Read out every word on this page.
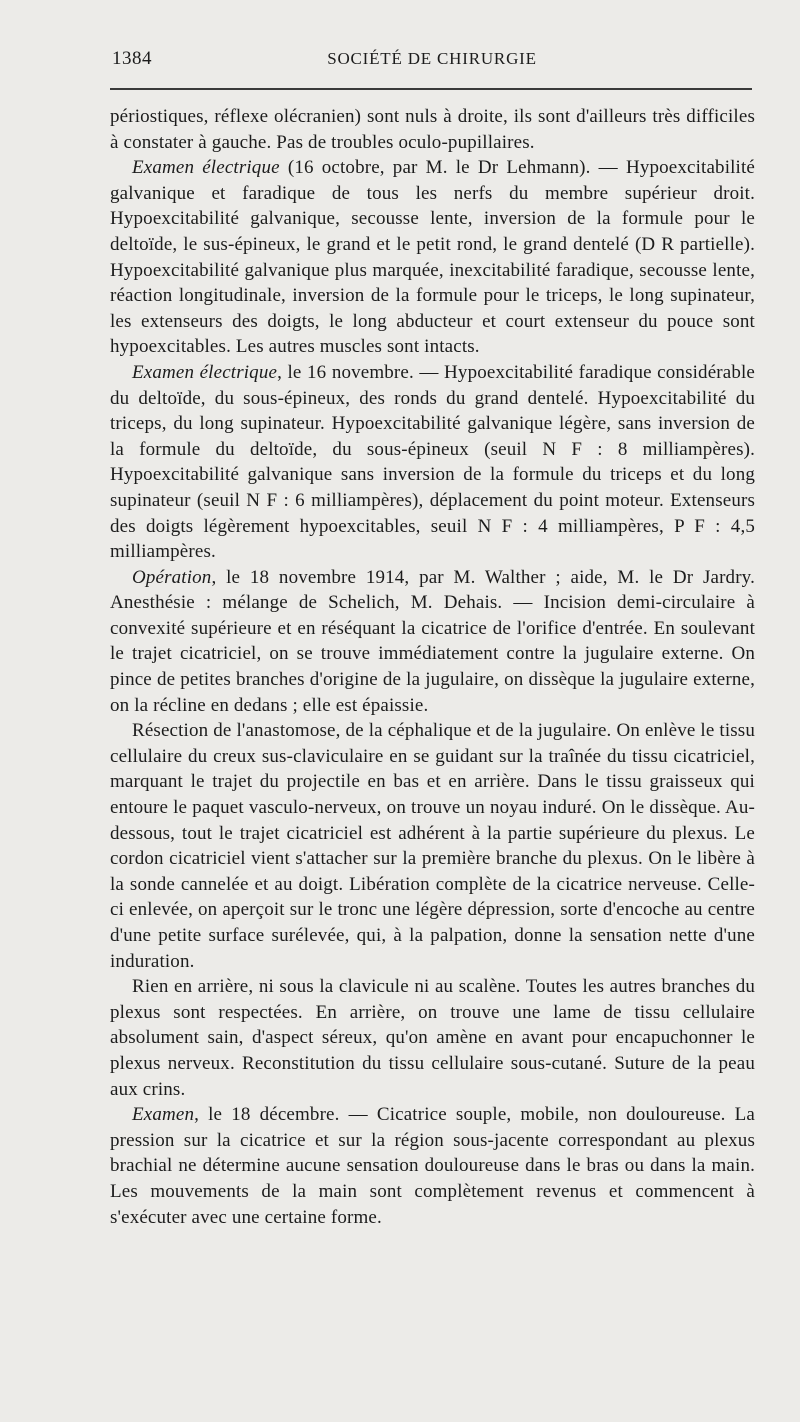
1384	SOCIÉTÉ DE CHIRURGIE

périostiques, réflexe olécranien) sont nuls à droite, ils sont d'ailleurs très difficiles à constater à gauche. Pas de troubles oculo-pupillaires.

Examen électrique (16 octobre, par M. le Dr Lehmann). — Hypoexcitabilité galvanique et faradique de tous les nerfs du membre supérieur droit. Hypoexcitabilité galvanique, secousse lente, inversion de la formule pour le deltoïde, le sus-épineux, le grand et le petit rond, le grand dentelé (D R partielle). Hypoexcitabilité galvanique plus marquée, inexcitabilité faradique, secousse lente, réaction longitudinale, inversion de la formule pour le triceps, le long supinateur, les extenseurs des doigts, le long abducteur et court extenseur du pouce sont hypoexcitables. Les autres muscles sont intacts.

Examen électrique, le 16 novembre. — Hypoexcitabilité faradique considérable du deltoïde, du sous-épineux, des ronds du grand dentelé. Hypoexcitabilité du triceps, du long supinateur. Hypoexcitabilité galvanique légère, sans inversion de la formule du deltoïde, du sous-épineux (seuil N F : 8 milliampères). Hypoexcitabilité galvanique sans inversion de la formule du triceps et du long supinateur (seuil N F : 6 milliampères), déplacement du point moteur. Extenseurs des doigts légèrement hypoexcitables, seuil N F : 4 milliampères, P F : 4,5 milliampères.

Opération, le 18 novembre 1914, par M. Walther ; aide, M. le Dr Jardry. Anesthésie : mélange de Schelich, M. Dehais. — Incision demi-circulaire à convexité supérieure et en réséquant la cicatrice de l'orifice d'entrée. En soulevant le trajet cicatriciel, on se trouve immédiatement contre la jugulaire externe. On pince de petites branches d'origine de la jugulaire, on dissèque la jugulaire externe, on la récline en dedans ; elle est épaissie.

Résection de l'anastomose, de la céphalique et de la jugulaire. On enlève le tissu cellulaire du creux sus-claviculaire en se guidant sur la traînée du tissu cicatriciel, marquant le trajet du projectile en bas et en arrière. Dans le tissu graisseux qui entoure le paquet vasculo-nerveux, on trouve un noyau induré. On le dissèque. Au-dessous, tout le trajet cicatriciel est adhérent à la partie supérieure du plexus. Le cordon cicatriciel vient s'attacher sur la première branche du plexus. On le libère à la sonde cannelée et au doigt. Libération complète de la cicatrice nerveuse. Celle-ci enlevée, on aperçoit sur le tronc une légère dépression, sorte d'encoche au centre d'une petite surface surélevée, qui, à la palpation, donne la sensation nette d'une induration.

Rien en arrière, ni sous la clavicule ni au scalène. Toutes les autres branches du plexus sont respectées. En arrière, on trouve une lame de tissu cellulaire absolument sain, d'aspect séreux, qu'on amène en avant pour encapuchonner le plexus nerveux. Reconstitution du tissu cellulaire sous-cutané. Suture de la peau aux crins.

Examen, le 18 décembre. — Cicatrice souple, mobile, non douloureuse. La pression sur la cicatrice et sur la région sous-jacente correspondant au plexus brachial ne détermine aucune sensation douloureuse dans le bras ou dans la main. Les mouvements de la main sont complètement revenus et commencent à s'exécuter avec une certaine forme.
